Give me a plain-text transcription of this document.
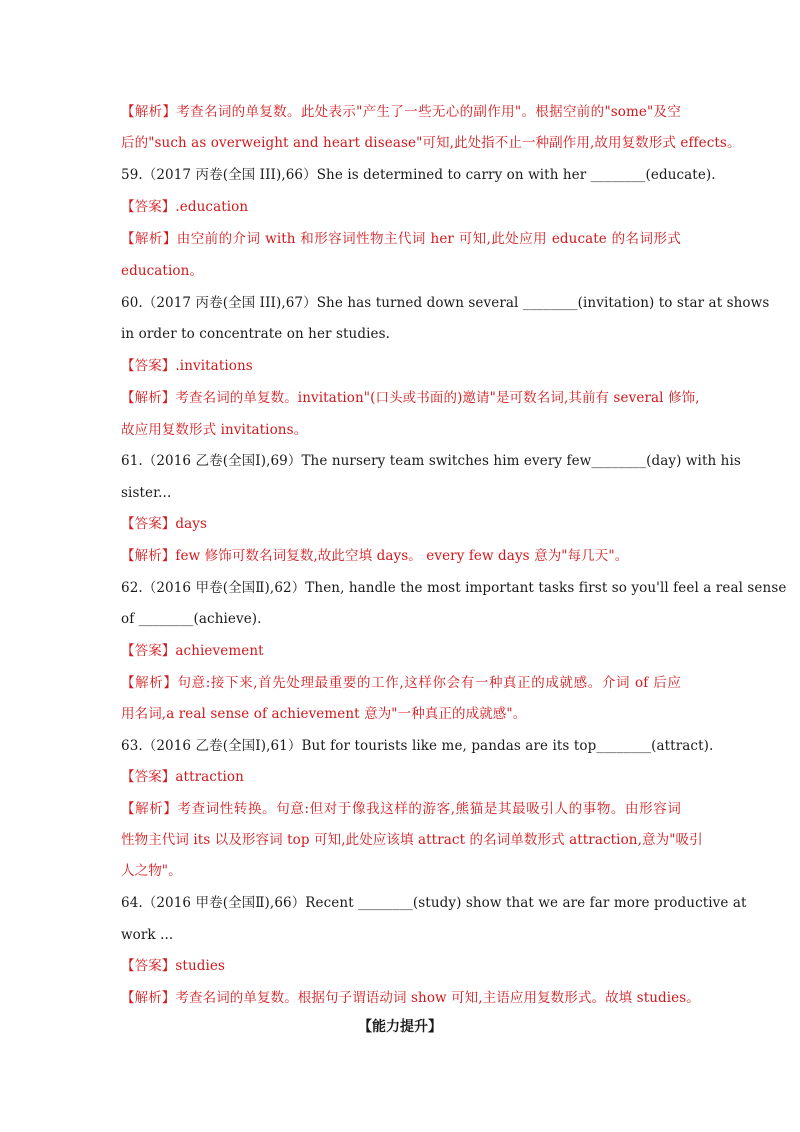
【解析】考查名词的单复数。此处表示"产生了一些无心的副作用"。根据空前的"some"及空
后的"such as overweight and heart disease"可知,此处指不止一种副作用,故用复数形式 effects。
59.（2017 丙卷(全国 III),66）She is determined to carry on with her ________(educate).
【答案】.education
【解析】由空前的介词 with 和形容词性物主代词 her 可知,此处应用 educate 的名词形式
education。
60.（2017 丙卷(全国 III),67）She has turned down several ________(invitation) to star at shows
in order to concentrate on her studies.
【答案】.invitations
【解析】考查名词的单复数。invitation"(口头或书面的)邀请"是可数名词,其前有 several 修饰,
故应用复数形式 invitations。
61.（2016 乙卷(全国Ⅰ),69）The nursery team switches him every few________(day) with his
sister...
【答案】days
【解析】few 修饰可数名词复数,故此空填 days。 every few days 意为"每几天"。
62.（2016 甲卷(全国Ⅱ),62）Then, handle the most important tasks first so you'll feel a real sense
of ________(achieve).
【答案】achievement
【解析】句意:接下来,首先处理最重要的工作,这样你会有一种真正的成就感。介词 of 后应
用名词,a real sense of achievement 意为"一种真正的成就感"。
63.（2016 乙卷(全国Ⅰ),61）But for tourists like me, pandas are its top________(attract).
【答案】attraction
【解析】考查词性转换。句意:但对于像我这样的游客,熊猫是其最吸引人的事物。由形容词
性物主代词 its 以及形容词 top 可知,此处应该填 attract 的名词单数形式 attraction,意为"吸引
人之物"。
64.（2016 甲卷(全国Ⅱ),66）Recent ________(study) show that we are far more productive at
work ...
【答案】studies
【解析】考查名词的单复数。根据句子谓语动词 show 可知,主语应用复数形式。故填 studies。
【能力提升】
